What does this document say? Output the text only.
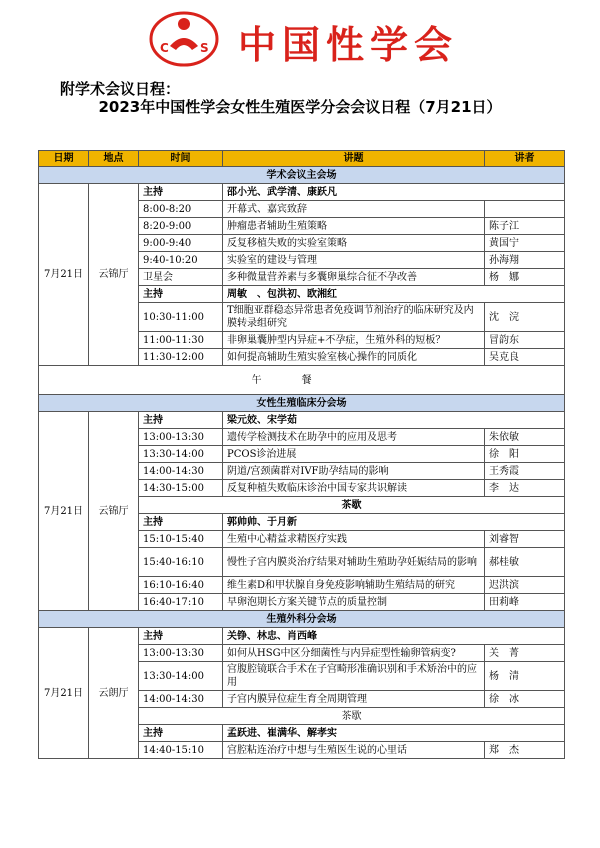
C	S 中国性学会
附学术会议日程：
2023年中国性学会女性生殖医学分会会议日程（7月21日）
日期	地点	时间	讲题	讲者
学术会议主会场				
7月21日	云锦厅	主持	邵小光、武学清、康跃凡	
		8:00-8:20	开幕式、嘉宾致辞	
		8:20-9:00	肿瘤患者辅助生殖策略	陈子江
		9:00-9:40	反复移植失败的实验室策略	黄国宁
		9:40-10:20	实验室的建设与管理	孙海翔
		卫星会	多种微量营养素与多囊卵巢综合征不孕改善	杨　娜
		主持	周敏　、包洪初、欧湘红	
		10:30-11:00	T细胞亚群稳态异常患者免疫调节剂治疗的临床研究及内膜转录组研究	沈　浣
		11:00-11:30	非卵巢囊肿型内异症+不孕症，生殖外科的短板？	冒韵东
		11:30-12:00	如何提高辅助生殖实验室核心操作的同质化	吴克良
午餐				
女性生殖临床分会场				
7月21日	云锦厅	主持	梁元姣、宋学茹	
		13:00-13:30	遗传学检测技术在助孕中的应用及思考	朱依敏
		13:30-14:00	PCOS诊治进展	徐　阳
		14:00-14:30	阴道/宫颈菌群对IVF助孕结局的影响	王秀霞
		14:30-15:00	反复种植失败临床诊治中国专家共识解读	李　达
		茶歇		
		主持	郭帅帅、于月新	
		15:10-15:40	生殖中心精益求精医疗实践	刘睿智
		15:40-16:10	慢性子宫内膜炎治疗结果对辅助生殖助孕妊娠结局的影响	郝桂敏
		16:10-16:40	维生素D和甲状腺自身免疫影响辅助生殖结局的研究	迟洪滨
		16:40-17:10	早卵泡期长方案关键节点的质量控制	田莉峰
生殖外科分会场				
7月21日	云朗厅	主持	关铮、林忠、肖西峰	
		13:00-13:30	如何从HSG中区分细菌性与内异症型性输卵管病变?	关　菁
		13:30-14:00	宫腹腔镜联合手术在子宫畸形准确识别和手术矫治中的应用	杨　清
		14:00-14:30	子宫内膜异位症生育全周期管理	徐　冰
		茶歇		
		主持	孟跃进、崔满华、解孝实	
		14:40-15:10	宫腔粘连治疗中想与生殖医生说的心里话	郑　杰
